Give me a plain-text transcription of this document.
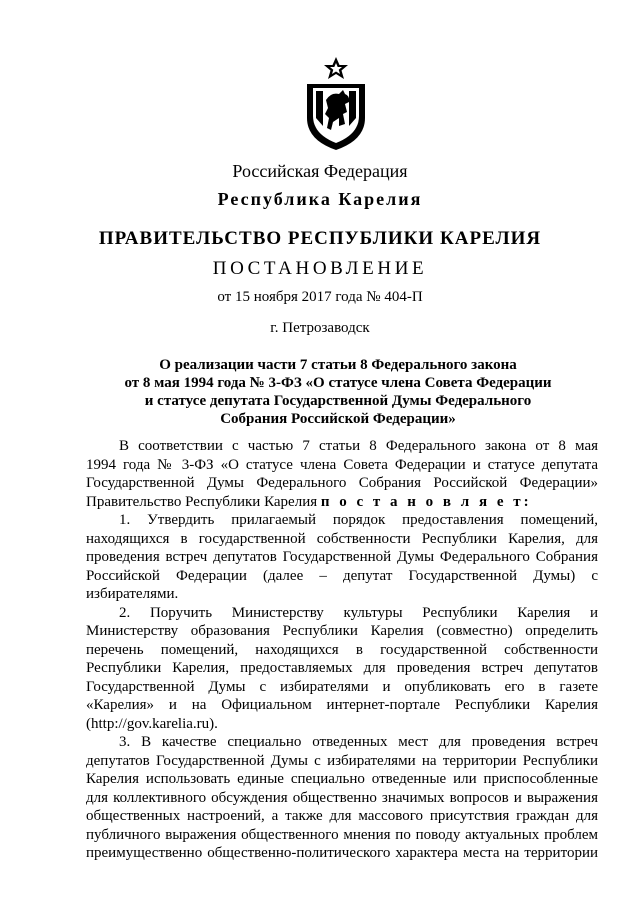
Российская Федерация
Республика Карелия
ПРАВИТЕЛЬСТВО РЕСПУБЛИКИ КАРЕЛИЯ
ПОСТАНОВЛЕНИЕ
от 15 ноября 2017 года № 404-П
г. Петрозаводск
О реализации части 7 статьи 8 Федерального закона
от 8 мая 1994 года № 3-ФЗ «О статусе члена Совета Федерации
и статусе депутата Государственной Думы Федерального
Собрания Российской Федерации»
В соответствии с частью 7 статьи 8 Федерального закона от 8 мая
1994 года № 3-ФЗ «О статусе члена Совета Федерации и статусе депутата
Государственной Думы Федерального Собрания Российской Федерации»
Правительство Республики Карелия п о с т а н о в л я е т:
1. Утвердить прилагаемый порядок предоставления помещений,
находящихся в государственной собственности Республики Карелия, для
проведения встреч депутатов Государственной Думы Федерального Собрания
Российской Федерации (далее – депутат Государственной Думы) с
избирателями.
2. Поручить Министерству культуры Республики Карелия и
Министерству образования Республики Карелия (совместно) определить
перечень помещений, находящихся в государственной собственности
Республики Карелия, предоставляемых для проведения встреч депутатов
Государственной Думы с избирателями и опубликовать его в газете
«Карелия» и на Официальном интернет-портале Республики Карелия
(http://gov.karelia.ru).
3. В качестве специально отведенных мест для проведения встреч
депутатов Государственной Думы с избирателями на территории Республики
Карелия использовать единые специально отведенные или приспособленные
для коллективного обсуждения общественно значимых вопросов и выражения
общественных настроений, а также для массового присутствия граждан для
публичного выражения общественного мнения по поводу актуальных проблем
преимущественно общественно-политического характера места на территории
